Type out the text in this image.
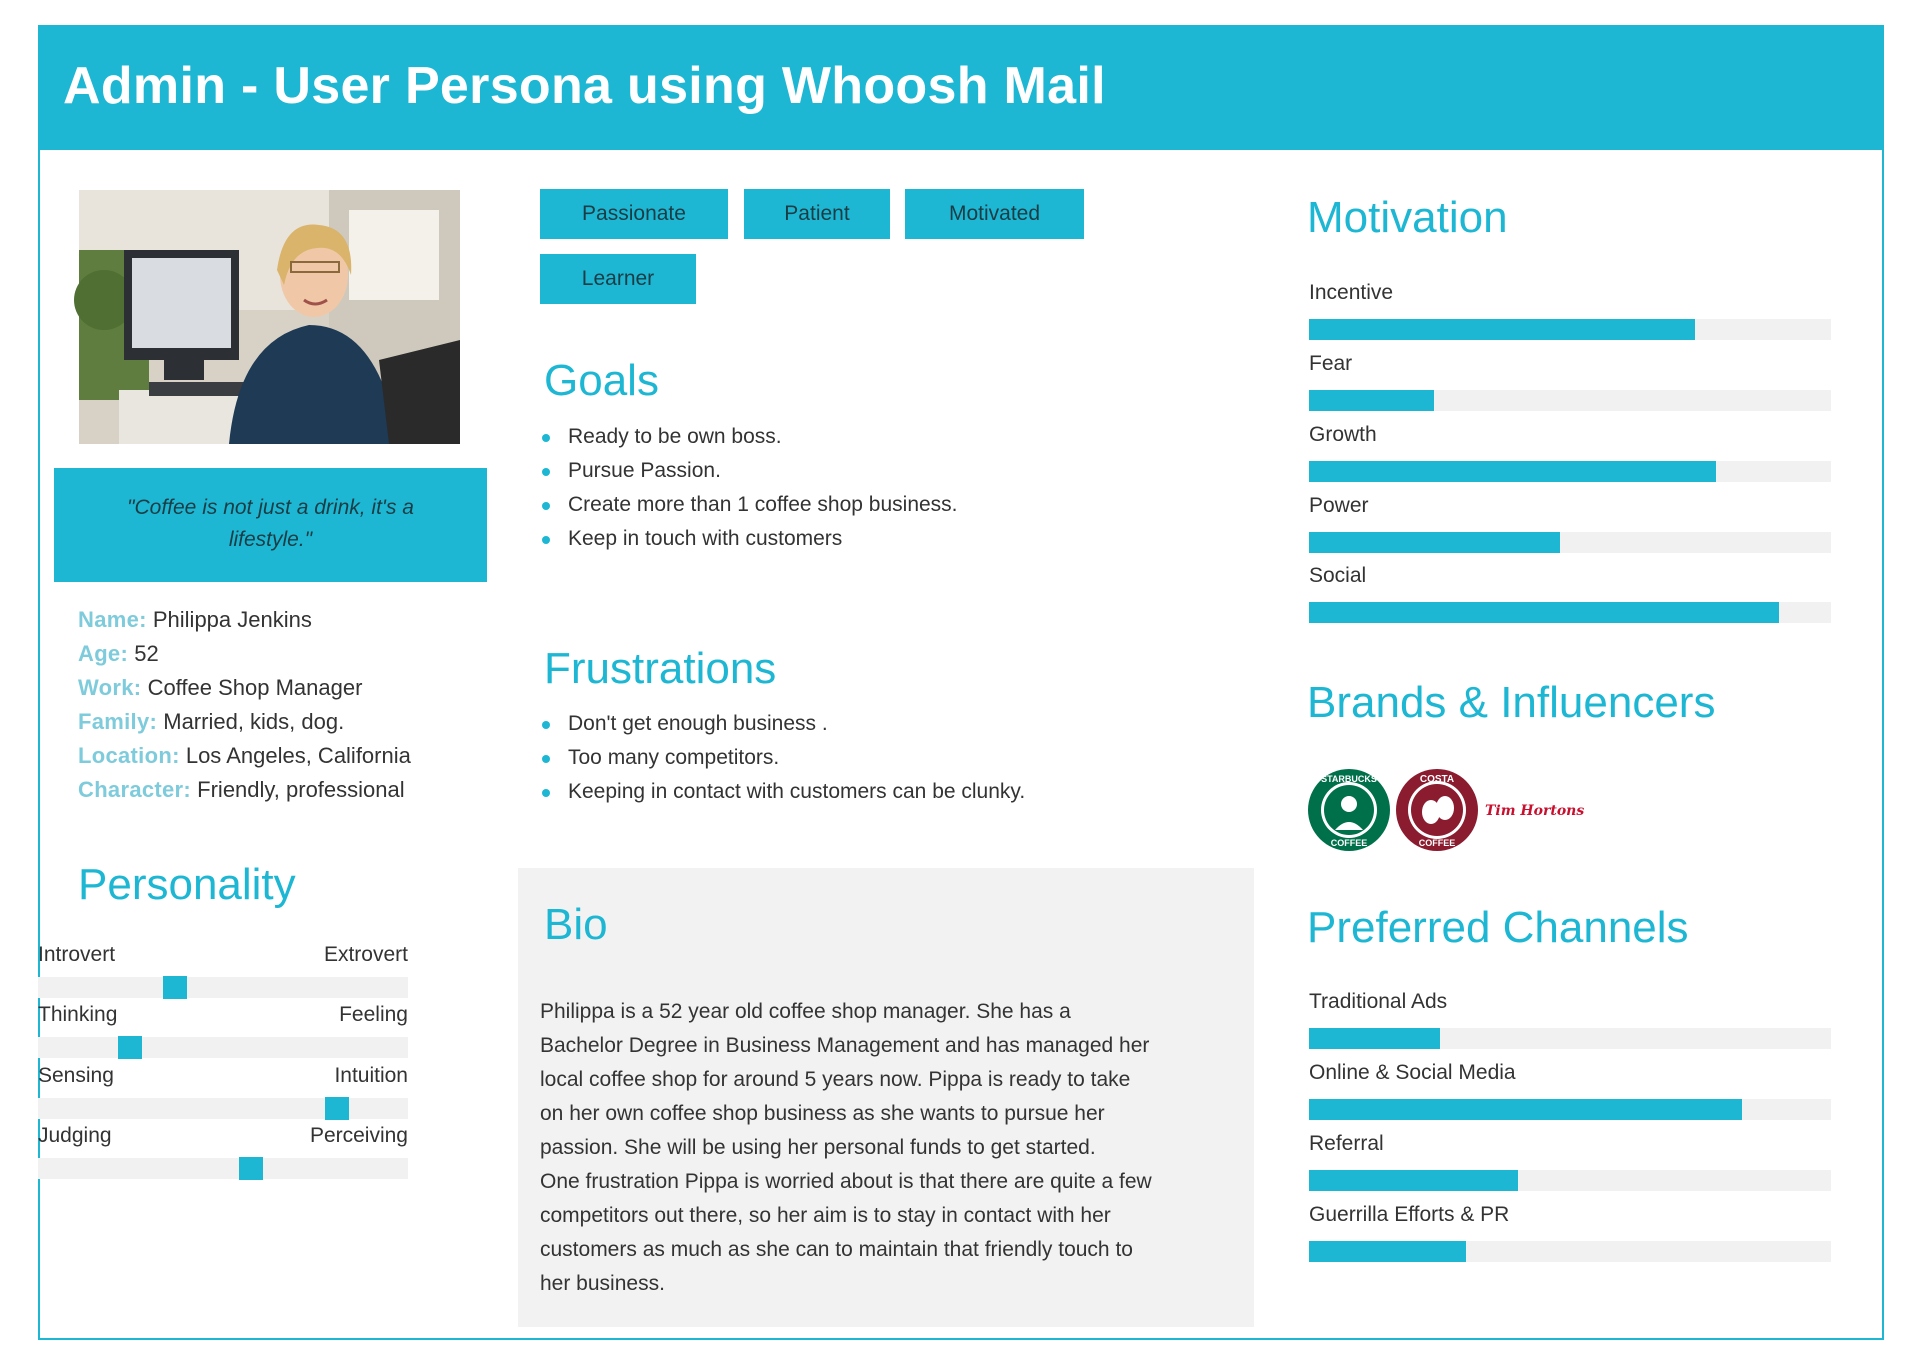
Admin - User Persona using Whoosh Mail
"Coffee is not just a drink, it's a lifestyle."
Name: Philippa Jenkins
Age: 52
Work: Coffee Shop Manager
Family: Married, kids, dog.
Location: Los Angeles, California
Character: Friendly, professional
Personality
Introvert	Extrovert
Thinking	Feeling
Sensing	Intuition
Judging	Perceiving
Passionate	Patient	Motivated
Learner
Goals
Ready to be own boss.
Pursue Passion.
Create more than 1 coffee shop business.
Keep in touch with customers
Frustrations
Don't get enough business .
Too many competitors.
Keeping in contact with customers can be clunky.
Bio
Philippa is a 52 year old coffee shop manager. She has a
Bachelor Degree in Business Management and has managed her
local coffee shop for around 5 years now. Pippa is ready to take
on her own coffee shop business as she wants to pursue her
passion. She will be using her personal funds to get started.
One frustration Pippa is worried about is that there are quite a few
competitors out there, so her aim is to stay in contact with her
customers as much as she can to maintain that friendly touch to
her business.
Motivation
Incentive
Fear
Growth
Power
Social
Brands & Influencers
STARBUCKS
COFFEE
COSTA
COFFEE
Tim Hortons
Preferred Channels
Traditional Ads
Online & Social Media
Referral
Guerrilla Efforts & PR
